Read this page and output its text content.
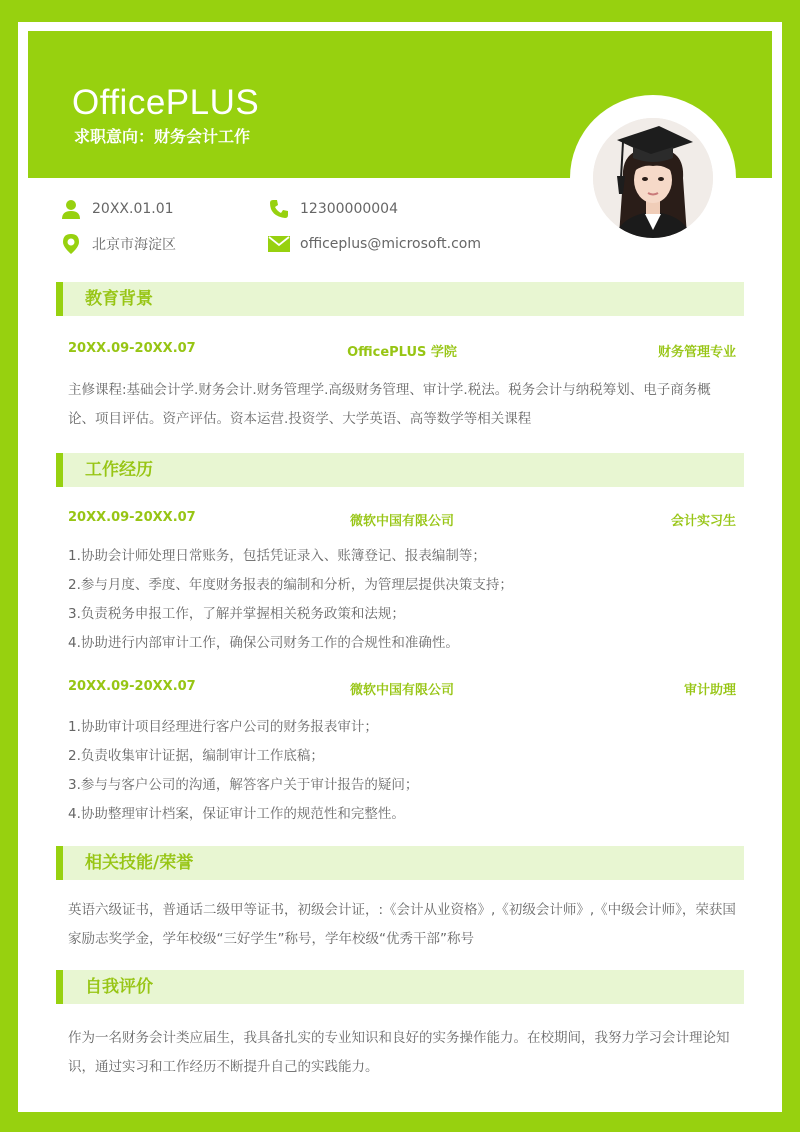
OfficePLUS
求职意向：财务会计工作
20XX.01.01	12300000004
北京市海淀区	officeplus@microsoft.com
教育背景
20XX.09-20XX.07	OfficePLUS 学院	财务管理专业
主修课程:基础会计学.财务会计.财务管理学.高级财务管理、审计学.税法。税务会计与纳税筹划、电子商务概论、项目评估。资产评估。资本运营.投资学、大学英语、高等数学等相关课程
工作经历
20XX.09-20XX.07	微软中国有限公司	会计实习生
1.协助会计师处理日常账务，包括凭证录入、账簿登记、报表编制等；
2.参与月度、季度、年度财务报表的编制和分析，为管理层提供决策支持；
3.负责税务申报工作，了解并掌握相关税务政策和法规；
4.协助进行内部审计工作，确保公司财务工作的合规性和准确性。
20XX.09-20XX.07	微软中国有限公司	审计助理
1.协助审计项目经理进行客户公司的财务报表审计；
2.负责收集审计证据，编制审计工作底稿；
3.参与与客户公司的沟通，解答客户关于审计报告的疑问；
4.协助整理审计档案，保证审计工作的规范性和完整性。
相关技能/荣誉
英语六级证书，普通话二级甲等证书，初级会计证，:《会计从业资格》,《初级会计师》,《中级会计师》，荣获国家励志奖学金，学年校级“三好学生”称号，学年校级“优秀干部”称号
自我评价
作为一名财务会计类应届生，我具备扎实的专业知识和良好的实务操作能力。在校期间，我努力学习会计理论知识，通过实习和工作经历不断提升自己的实践能力。
